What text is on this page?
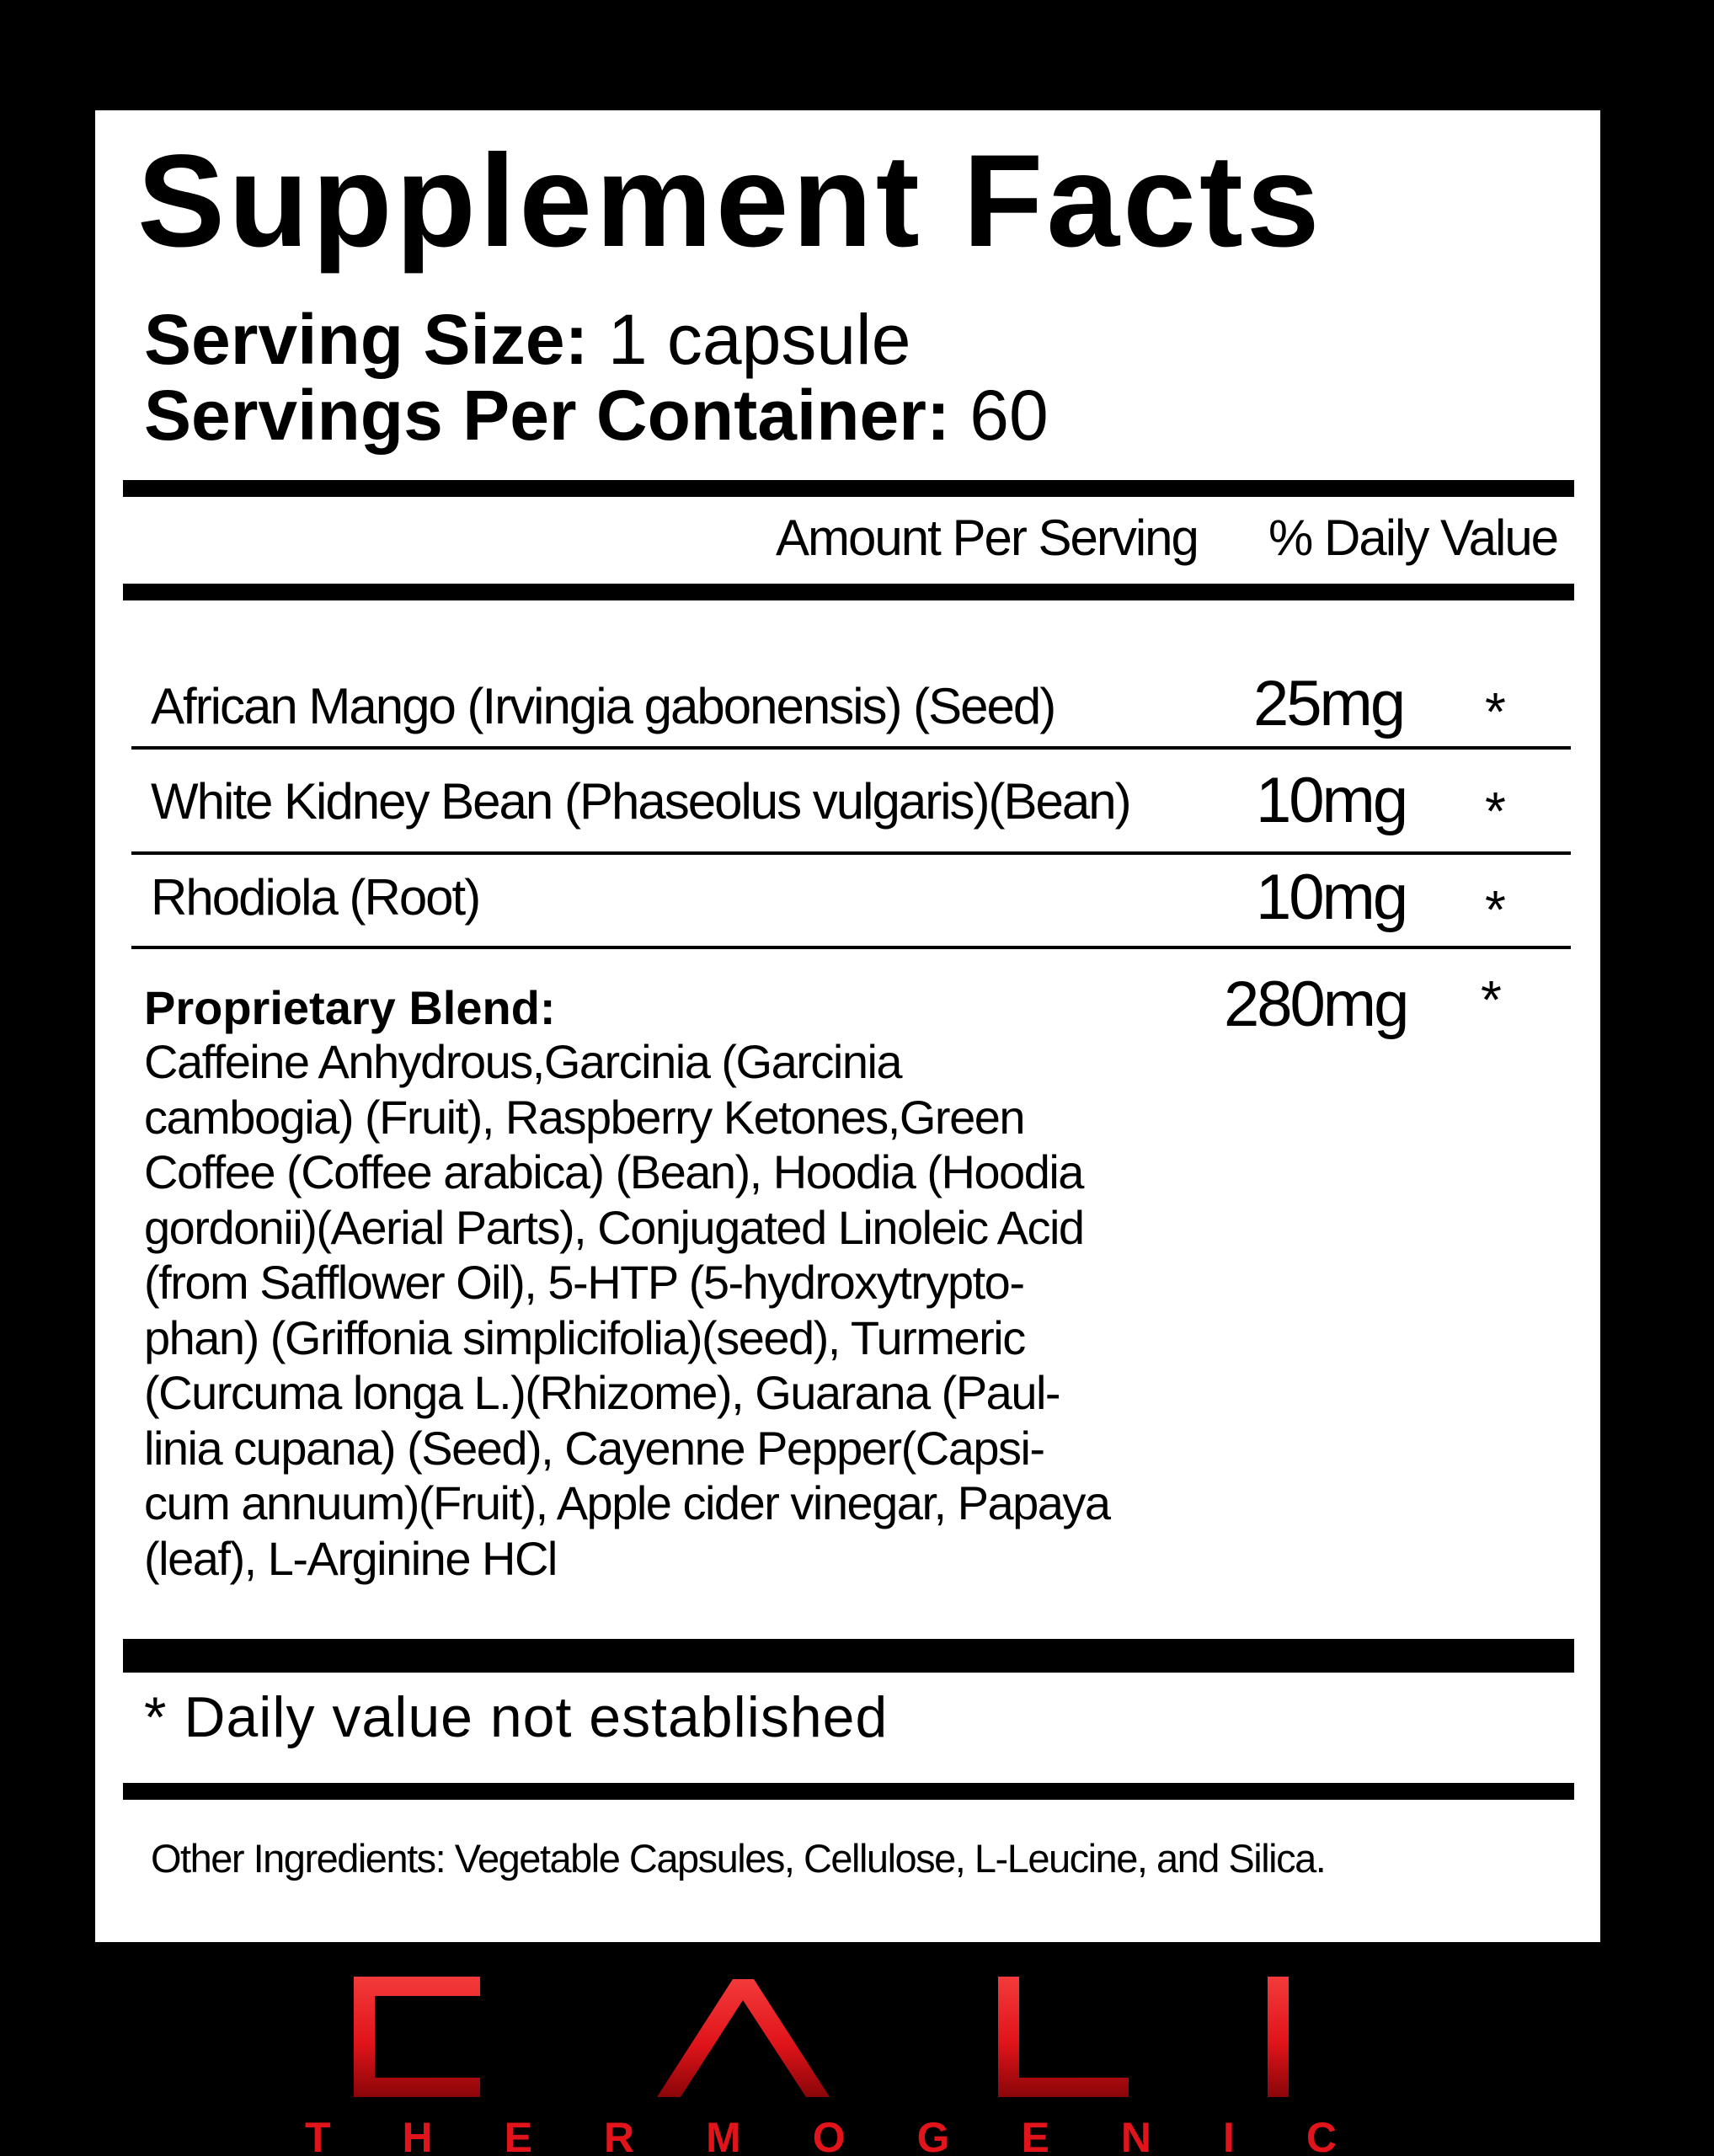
Supplement Facts
Serving Size: 1 capsule
Servings Per Container: 60
Amount Per Serving % Daily Value
African Mango (Irvingia gabonensis) (Seed)	25mg *
White Kidney Bean (Phaseolus vulgaris)(Bean) 10mg *
Rhodiola (Root)	10mg *
Proprietary Blend:	280mg *
Caffeine Anhydrous,Garcinia (Garcinia
cambogia) (Fruit), Raspberry Ketones,Green
Coffee (Coffee arabica) (Bean), Hoodia (Hoodia
gordonii)(Aerial Parts), Conjugated Linoleic Acid
(from Safflower Oil), 5-HTP (5-hydroxytrypto-
phan) (Griffonia simplicifolia)(seed), Turmeric
(Curcuma longa L.)(Rhizome), Guarana (Paul-
linia cupana) (Seed), Cayenne Pepper(Capsi-
cum annuum)(Fruit), Apple cider vinegar, Papaya
(leaf), L-Arginine HCl
* Daily value not established
Other Ingredients: Vegetable Capsules, Cellulose, L-Leucine, and Silica.
THERMOGENIC
